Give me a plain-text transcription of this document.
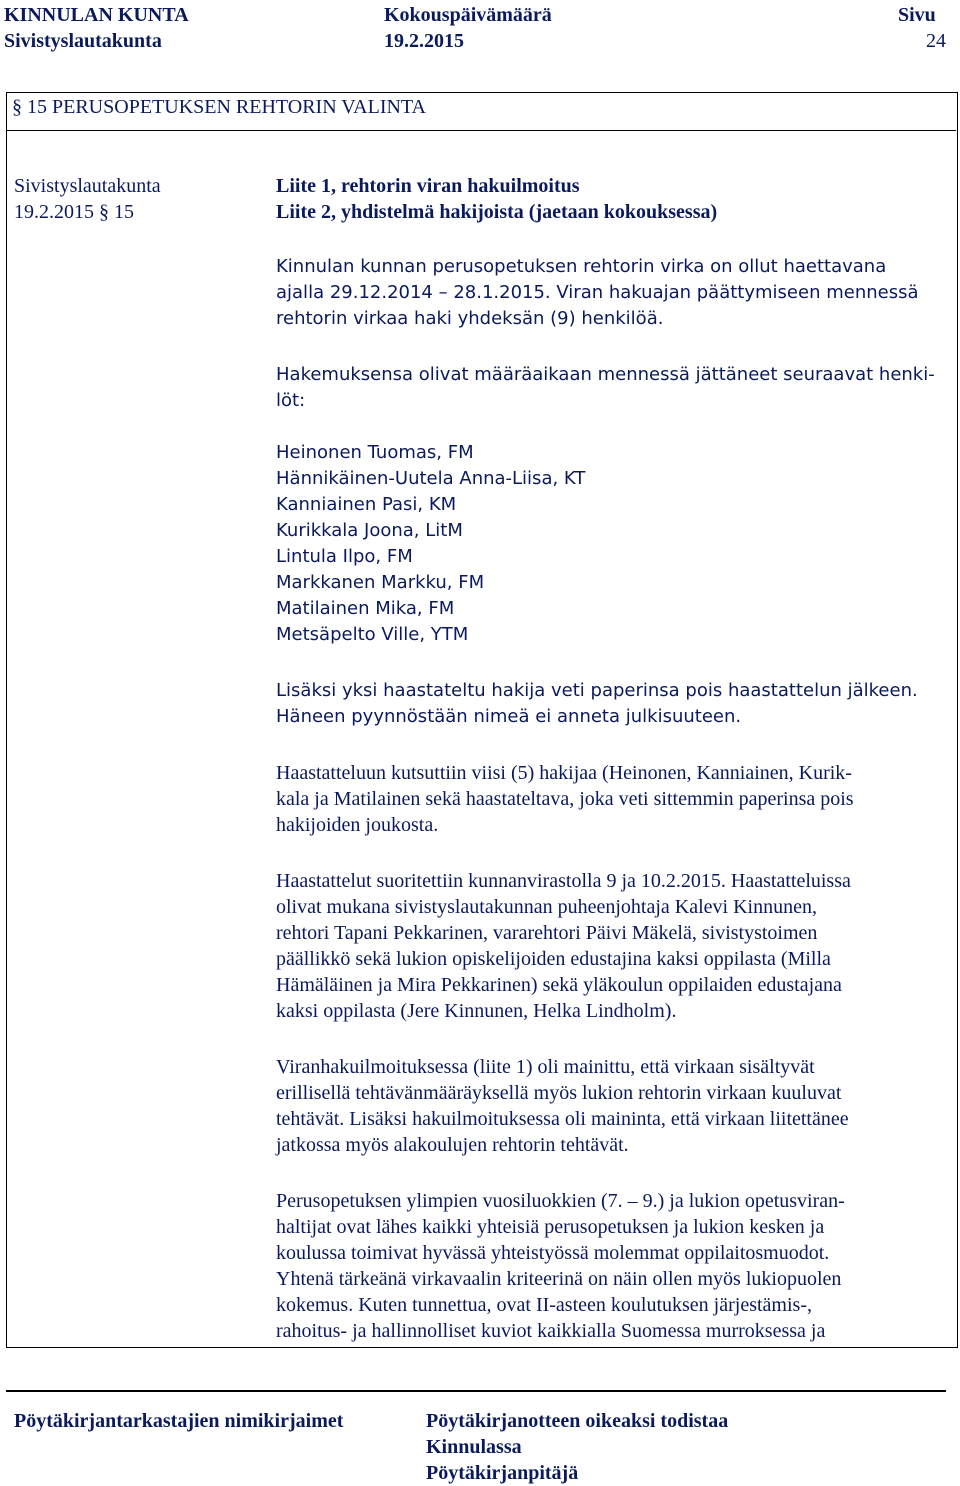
KINNULAN KUNTA
Sivistyslautakunta
Kokouspäivämäärä
19.2.2015
Sivu
24
§ 15 PERUSOPETUKSEN REHTORIN VALINTA
Sivistyslautakunta
19.2.2015 § 15
Liite 1, rehtorin viran hakuilmoitus
Liite 2, yhdistelmä hakijoista (jaetaan kokouksessa)
Kinnulan kunnan perusopetuksen rehtorin virka on ollut haettavana
ajalla 29.12.2014 – 28.1.2015. Viran hakuajan päättymiseen mennessä
rehtorin virkaa haki yhdeksän (9) henkilöä.
Hakemuksensa olivat määräaikaan mennessä jättäneet seuraavat henki-
löt:
Heinonen Tuomas, FM
Hännikäinen-Uutela Anna-Liisa, KT
Kanniainen Pasi, KM
Kurikkala Joona, LitM
Lintula Ilpo, FM
Markkanen Markku, FM
Matilainen Mika, FM
Metsäpelto Ville, YTM
Lisäksi yksi haastateltu hakija veti paperinsa pois haastattelun jälkeen.
Häneen pyynnöstään nimeä ei anneta julkisuuteen.
Haastatteluun kutsuttiin viisi (5) hakijaa (Heinonen, Kanniainen, Kurik-
kala ja Matilainen sekä haastateltava, joka veti sittemmin paperinsa pois
hakijoiden joukosta.
Haastattelut suoritettiin kunnanvirastolla 9 ja 10.2.2015. Haastatteluissa
olivat mukana sivistyslautakunnan puheenjohtaja Kalevi Kinnunen,
rehtori Tapani Pekkarinen, vararehtori Päivi Mäkelä, sivistystoimen
päällikkö sekä lukion opiskelijoiden edustajina kaksi oppilasta (Milla
Hämäläinen ja Mira Pekkarinen) sekä yläkoulun oppilaiden edustajana
kaksi oppilasta (Jere Kinnunen, Helka Lindholm).
Viranhakuilmoituksessa (liite 1) oli mainittu, että virkaan sisältyvät
erillisellä tehtävänmääräyksellä myös lukion rehtorin virkaan kuuluvat
tehtävät. Lisäksi hakuilmoituksessa oli maininta, että virkaan liitettänee
jatkossa myös alakoulujen rehtorin tehtävät.
Perusopetuksen ylimpien vuosiluokkien (7. – 9.) ja lukion opetusviran-
haltijat ovat lähes kaikki yhteisiä perusopetuksen ja lukion kesken ja
koulussa toimivat hyvässä yhteistyössä molemmat oppilaitosmuodot.
Yhtenä tärkeänä virkavaalin kriteerinä on näin ollen myös lukiopuolen
kokemus. Kuten tunnettua, ovat II-asteen koulutuksen järjestämis-,
rahoitus- ja hallinnolliset kuviot kaikkialla Suomessa murroksessa ja
Pöytäkirjantarkastajien nimikirjaimet	Pöytäkirjanotteen oikeaksi todistaa
Kinnulassa
Pöytäkirjanpitäjä
